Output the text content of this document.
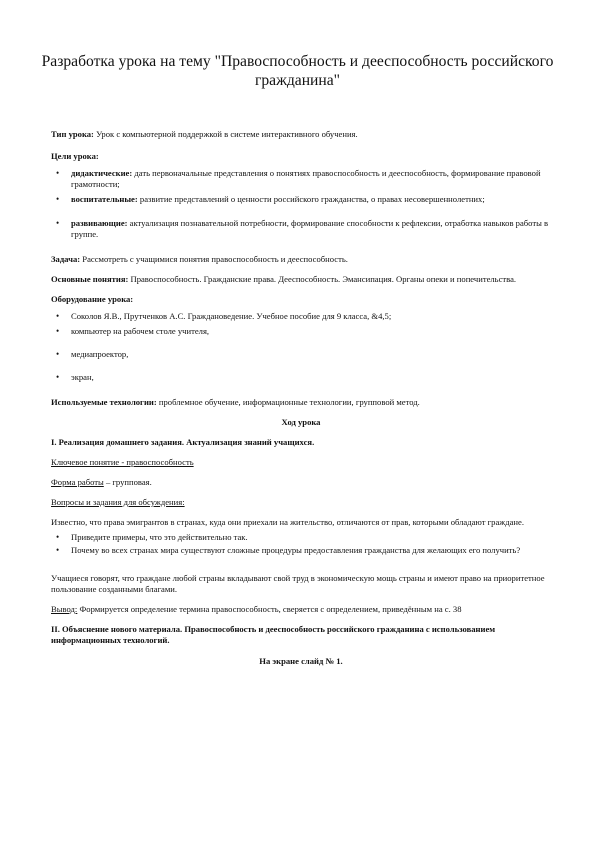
Разработка урока на тему "Правоспособность и дееспособность российского гражданина"

Тип урока: Урок с компьютерной поддержкой в системе интерактивного обучения.

Цели урока:

• дидактические: дать первоначальные представления о понятиях правоспособность и дееспособность, формирование правовой грамотности;
• воспитательные: развитие представлений о ценности российского гражданства, о правах несовершеннолетних;
• развивающие: актуализация познавательной потребности, формирование способности к рефлексии, отработка навыков работы в группе.

Задача: Рассмотреть с учащимися понятия правоспособность и дееспособность.

Основные понятия: Правоспособность. Гражданские права. Дееспособность. Эмансипация. Органы опеки и попечительства.

Оборудование урока:

• Соколов Я.В., Прутченков А.С. Граждановедение. Учебное пособие для 9 класса, &4,5;
• компьютер на рабочем столе учителя,
• медиапроектор,
• экран,

Используемые технологии: проблемное обучение, информационные технологии, групповой метод.

Ход урока

I. Реализация домашнего задания. Актуализация знаний учащихся.

Ключевое понятие - правоспособность

Форма работы – групповая.

Вопросы и задания для обсуждения:

Известно, что права эмигрантов в странах, куда они приехали на жительство, отличаются от прав, которыми обладают граждане.

• Приведите примеры, что это действительно так.
• Почему во всех странах мира существуют сложные процедуры предоставления гражданства для желающих его получить?

Учащиеся говорят, что граждане любой страны вкладывают свой труд в экономическую мощь страны и имеют право на приоритетное пользование созданными благами.

Вывод: Формируется определение термина правоспособность, сверяется с определением, приведённым на с. 38

II. Объяснение нового материала. Правоспособность и дееспособность российского гражданина с использованием информационных технологий.

На экране слайд № 1.
